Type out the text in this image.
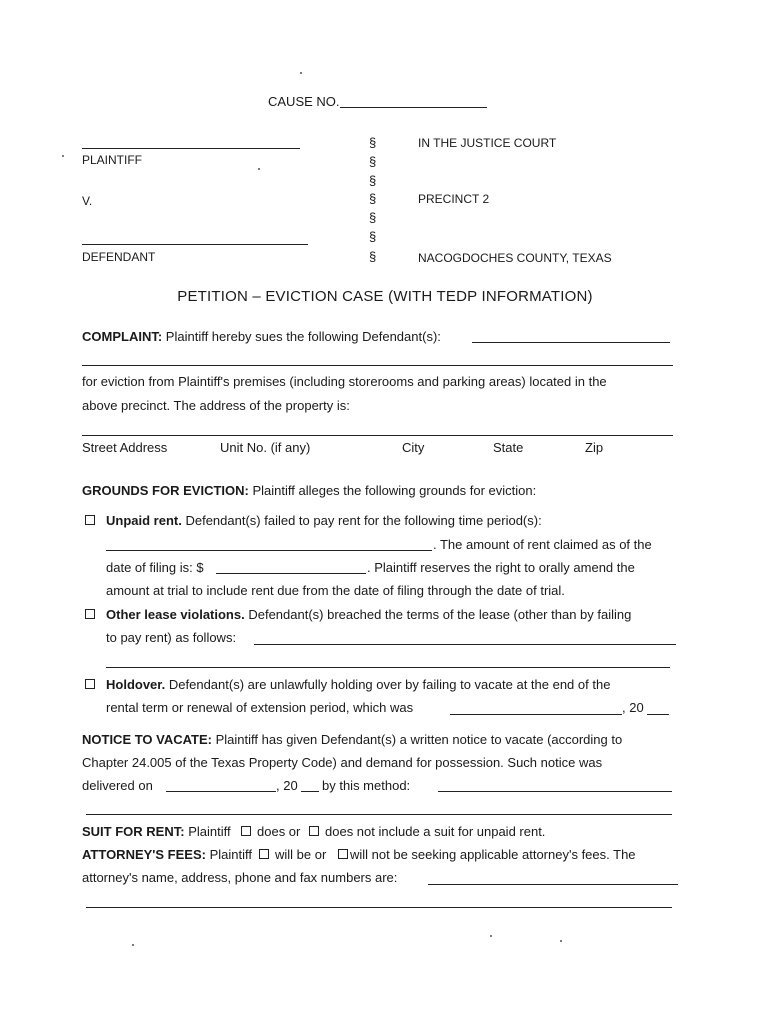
CAUSE NO.
PLAINTIFF
V.
DEFENDANT
§
§
§
§
§
§
§
IN THE JUSTICE COURT
PRECINCT 2
NACOGDOCHES COUNTY, TEXAS
PETITION – EVICTION CASE (WITH TEDP INFORMATION)
COMPLAINT: Plaintiff hereby sues the following Defendant(s):
for eviction from Plaintiff's premises (including storerooms and parking areas) located in the
above precinct. The address of the property is:
Street Address	Unit No. (if any)	City	State	Zip
GROUNDS FOR EVICTION: Plaintiff alleges the following grounds for eviction:
Unpaid rent. Defendant(s) failed to pay rent for the following time period(s):
. The amount of rent claimed as of the
date of filing is: $	. Plaintiff reserves the right to orally amend the
amount at trial to include rent due from the date of filing through the date of trial.
Other lease violations. Defendant(s) breached the terms of the lease (other than by failing
to pay rent) as follows:
Holdover. Defendant(s) are unlawfully holding over by failing to vacate at the end of the
rental term or renewal of extension period, which was	, 20
NOTICE TO VACATE: Plaintiff has given Defendant(s) a written notice to vacate (according to
Chapter 24.005 of the Texas Property Code) and demand for possession. Such notice was
delivered on	, 20 by this method:
SUIT FOR RENT: Plaintiff does or does not include a suit for unpaid rent.
ATTORNEY'S FEES: Plaintiff will be or will not be seeking applicable attorney's fees. The
attorney's name, address, phone and fax numbers are:
